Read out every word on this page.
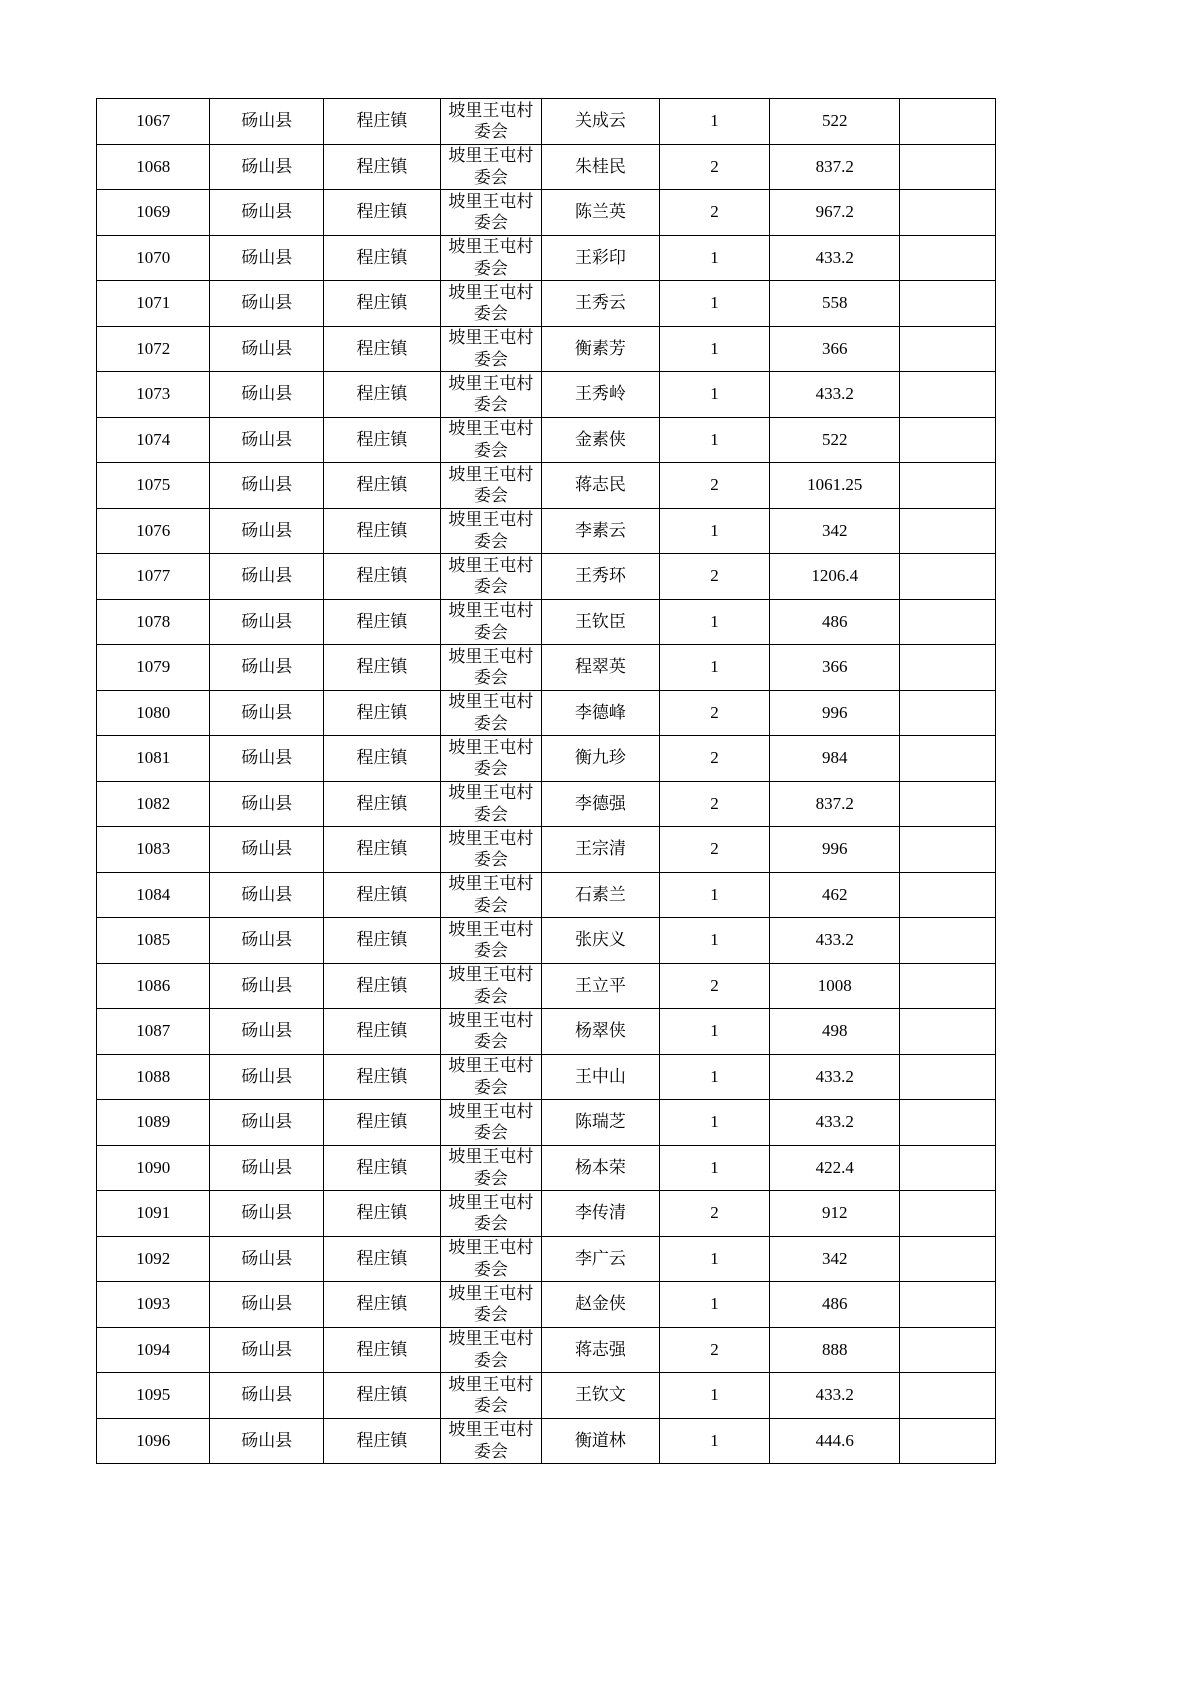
1067	砀山县	程庄镇	坡里王屯村委会	关成云	1	522	
1068	砀山县	程庄镇	坡里王屯村委会	朱桂民	2	837.2	
1069	砀山县	程庄镇	坡里王屯村委会	陈兰英	2	967.2	
1070	砀山县	程庄镇	坡里王屯村委会	王彩印	1	433.2	
1071	砀山县	程庄镇	坡里王屯村委会	王秀云	1	558	
1072	砀山县	程庄镇	坡里王屯村委会	衡素芳	1	366	
1073	砀山县	程庄镇	坡里王屯村委会	王秀岭	1	433.2	
1074	砀山县	程庄镇	坡里王屯村委会	金素侠	1	522	
1075	砀山县	程庄镇	坡里王屯村委会	蒋志民	2	1061.25	
1076	砀山县	程庄镇	坡里王屯村委会	李素云	1	342	
1077	砀山县	程庄镇	坡里王屯村委会	王秀环	2	1206.4	
1078	砀山县	程庄镇	坡里王屯村委会	王钦臣	1	486	
1079	砀山县	程庄镇	坡里王屯村委会	程翠英	1	366	
1080	砀山县	程庄镇	坡里王屯村委会	李德峰	2	996	
1081	砀山县	程庄镇	坡里王屯村委会	衡九珍	2	984	
1082	砀山县	程庄镇	坡里王屯村委会	李德强	2	837.2	
1083	砀山县	程庄镇	坡里王屯村委会	王宗清	2	996	
1084	砀山县	程庄镇	坡里王屯村委会	石素兰	1	462	
1085	砀山县	程庄镇	坡里王屯村委会	张庆义	1	433.2	
1086	砀山县	程庄镇	坡里王屯村委会	王立平	2	1008	
1087	砀山县	程庄镇	坡里王屯村委会	杨翠侠	1	498	
1088	砀山县	程庄镇	坡里王屯村委会	王中山	1	433.2	
1089	砀山县	程庄镇	坡里王屯村委会	陈瑞芝	1	433.2	
1090	砀山县	程庄镇	坡里王屯村委会	杨本荣	1	422.4	
1091	砀山县	程庄镇	坡里王屯村委会	李传清	2	912	
1092	砀山县	程庄镇	坡里王屯村委会	李广云	1	342	
1093	砀山县	程庄镇	坡里王屯村委会	赵金侠	1	486	
1094	砀山县	程庄镇	坡里王屯村委会	蒋志强	2	888	
1095	砀山县	程庄镇	坡里王屯村委会	王钦文	1	433.2	
1096	砀山县	程庄镇	坡里王屯村委会	衡道林	1	444.6	
